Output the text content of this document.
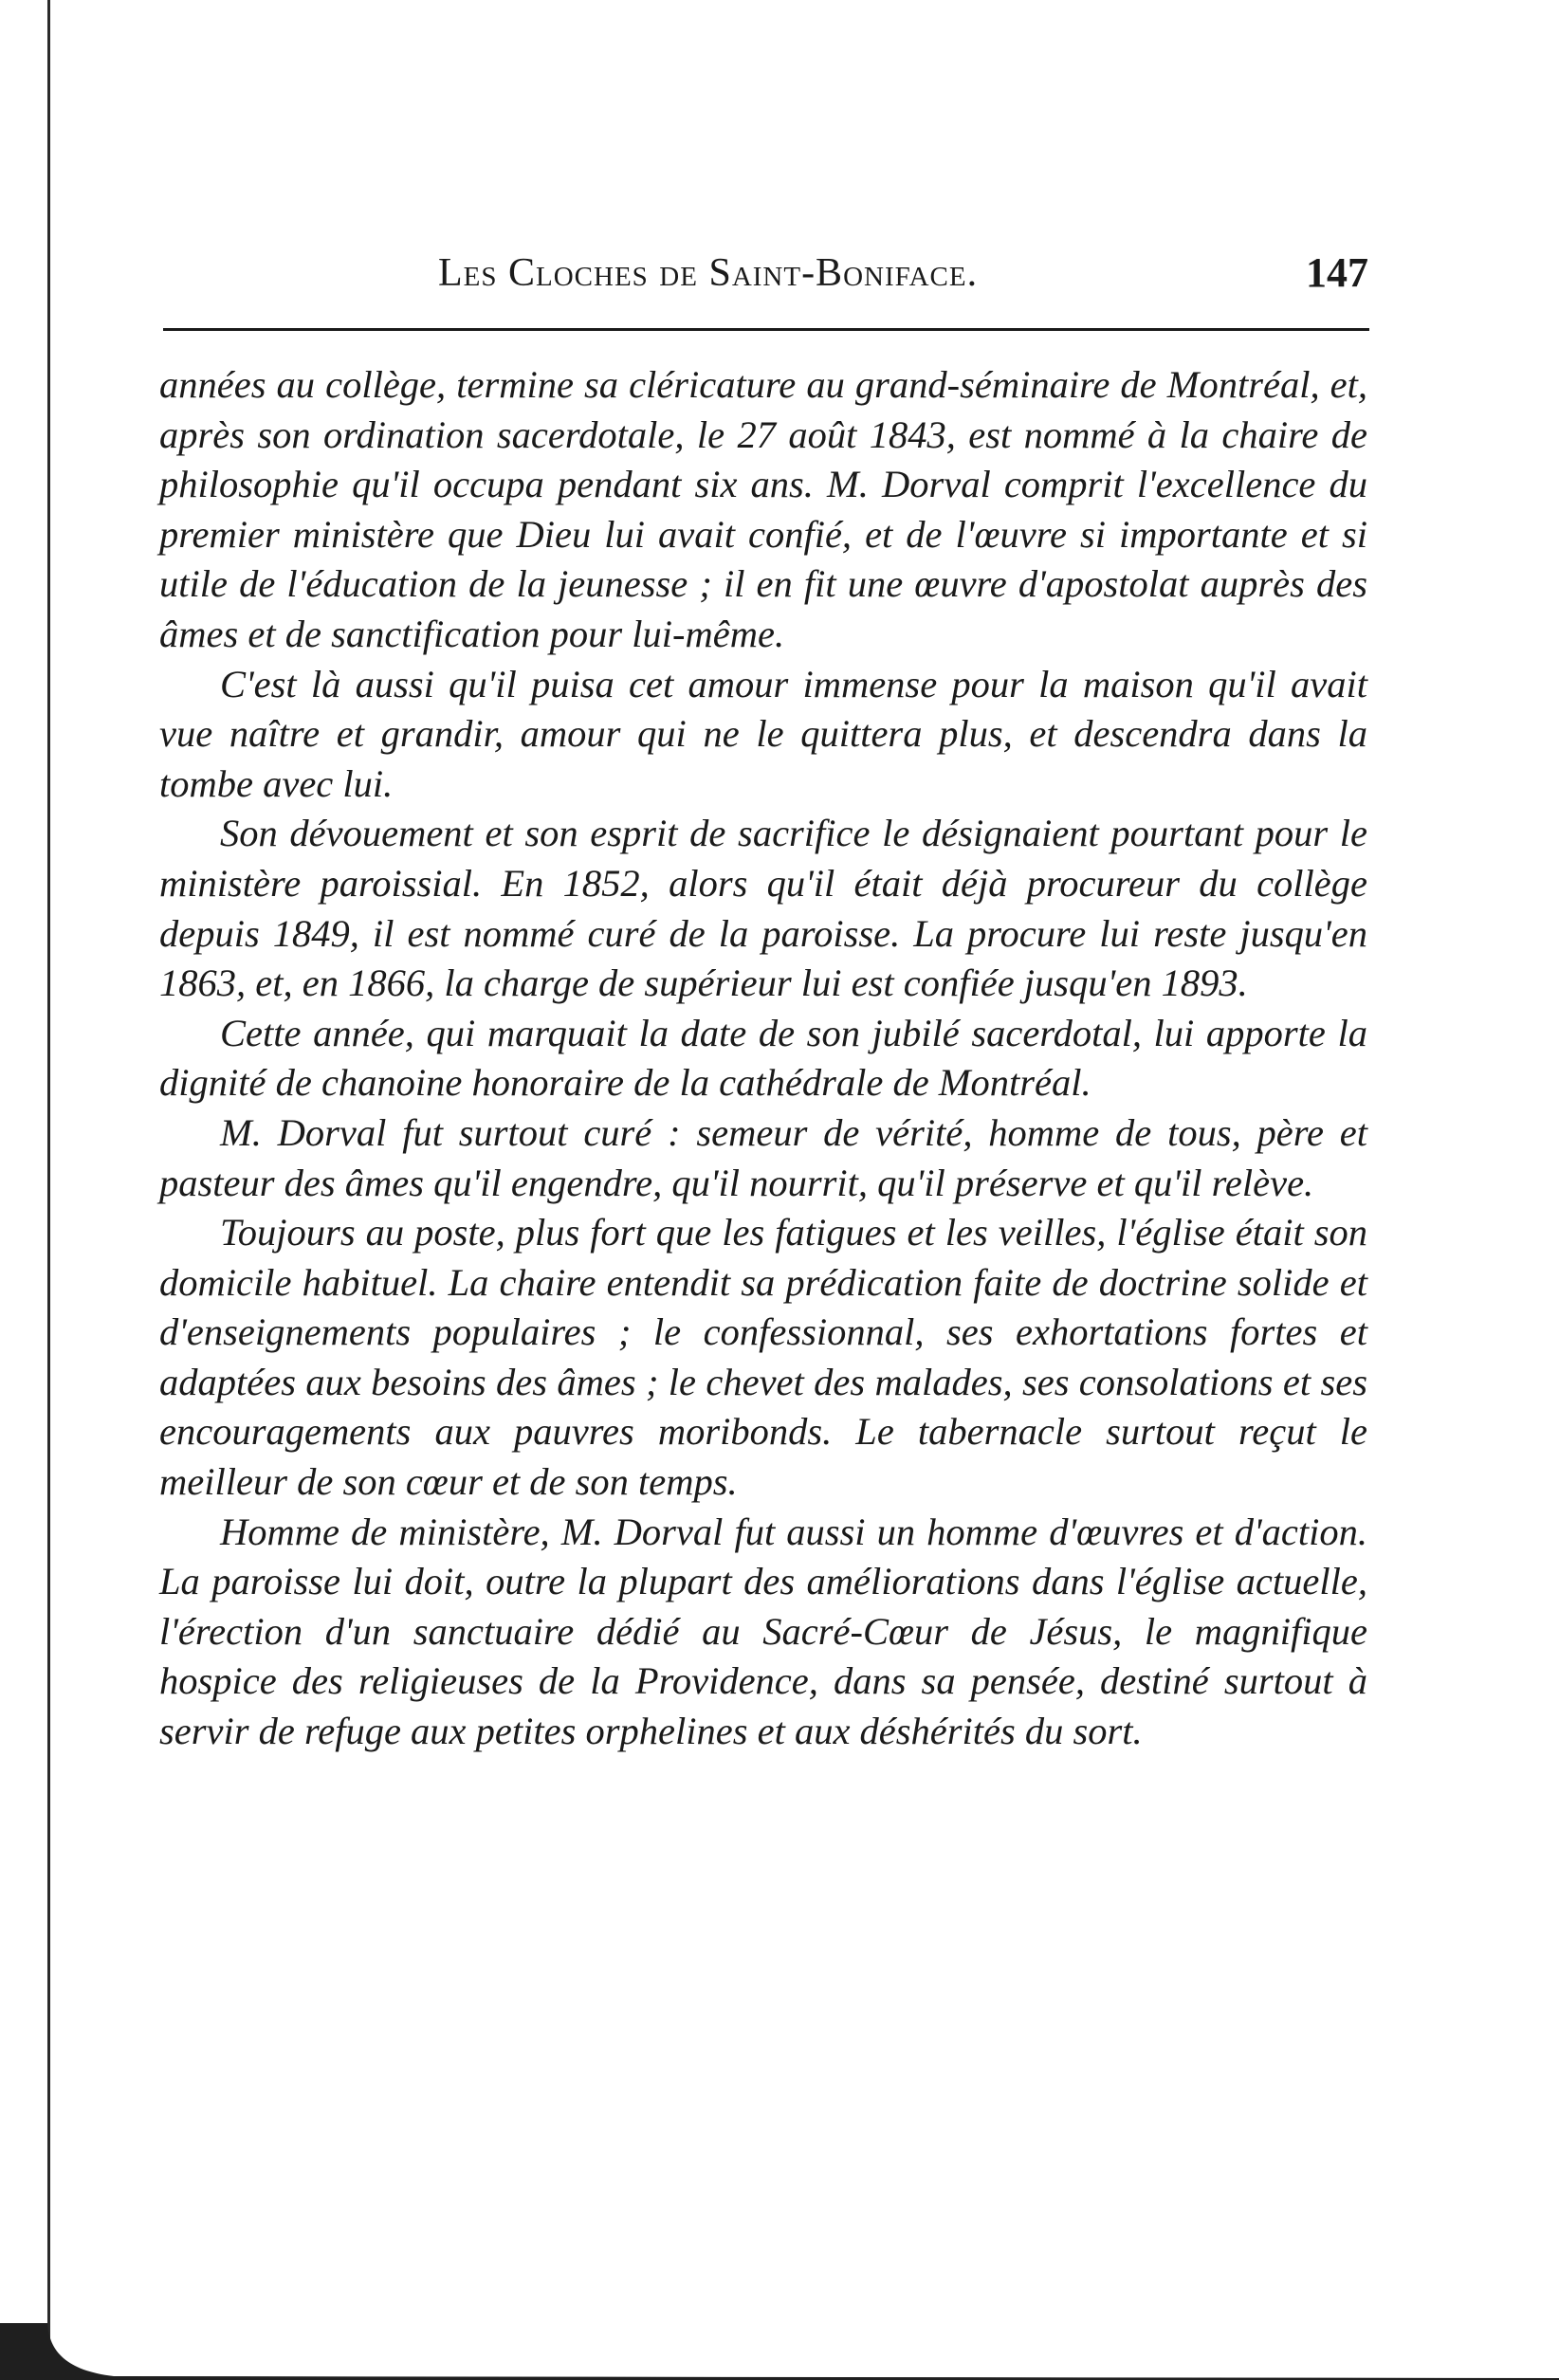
Les Cloches de Saint-Boniface.	147

années au collège, termine sa cléricature au grand-séminaire de Montréal, et, après son ordination sacerdotale, le 27 août 1843, est nommé à la chaire de philosophie qu'il occupa pendant six ans. M. Dorval comprit l'excellence du premier ministère que Dieu lui avait confié, et de l'œuvre si importante et si utile de l'éducation de la jeunesse ; il en fit une œuvre d'apostolat auprès des âmes et de sanctification pour lui-même.

C'est là aussi qu'il puisa cet amour immense pour la maison qu'il avait vue naître et grandir, amour qui ne le quittera plus, et descendra dans la tombe avec lui.

Son dévouement et son esprit de sacrifice le désignaient pourtant pour le ministère paroissial. En 1852, alors qu'il était déjà procureur du collège depuis 1849, il est nommé curé de la paroisse. La procure lui reste jusqu'en 1863, et, en 1866, la charge de supérieur lui est confiée jusqu'en 1893.

Cette année, qui marquait la date de son jubilé sacerdotal, lui apporte la dignité de chanoine honoraire de la cathédrale de Montréal.

M. Dorval fut surtout curé : semeur de vérité, homme de tous, père et pasteur des âmes qu'il engendre, qu'il nourrit, qu'il préserve et qu'il relève.

Toujours au poste, plus fort que les fatigues et les veilles, l'église était son domicile habituel. La chaire entendit sa prédication faite de doctrine solide et d'enseignements populaires ; le confessionnal, ses exhortations fortes et adaptées aux besoins des âmes ; le chevet des malades, ses consolations et ses encouragements aux pauvres moribonds. Le tabernacle surtout reçut le meilleur de son cœur et de son temps.

Homme de ministère, M. Dorval fut aussi un homme d'œuvres et d'action. La paroisse lui doit, outre la plupart des améliorations dans l'église actuelle, l'érection d'un sanctuaire dédié au Sacré-Cœur de Jésus, le magnifique hospice des religieuses de la Providence, dans sa pensée, destiné surtout à servir de refuge aux petites orphelines et aux déshérités du sort.
